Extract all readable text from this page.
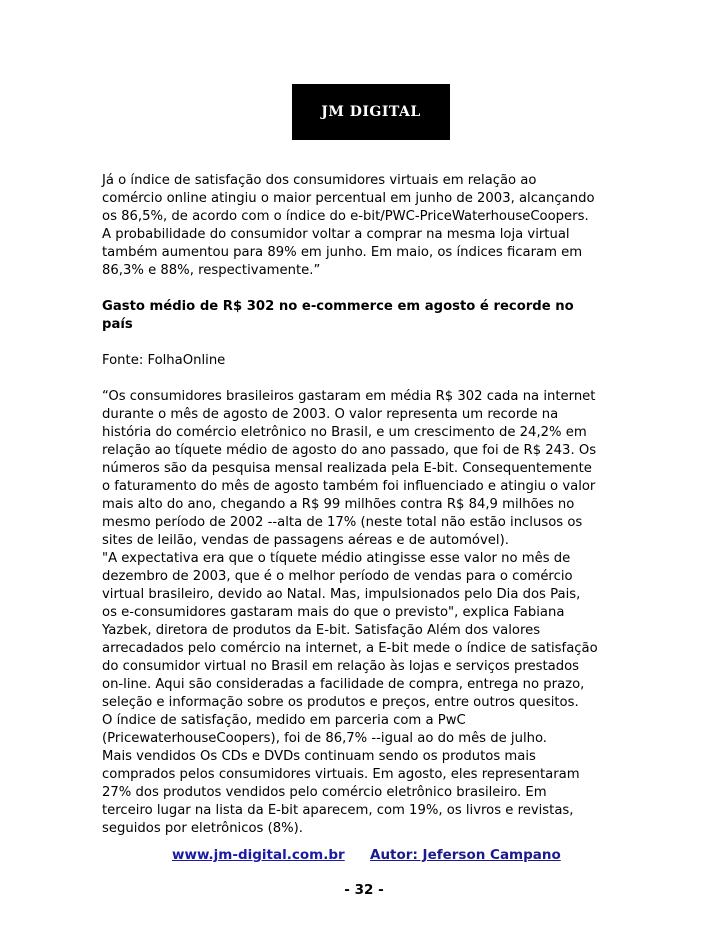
JM DIGITAL

Já o índice de satisfação dos consumidores virtuais em relação ao

comércio online atingiu o maior percentual em junho de 2003, alcançando

os 86,5%, de acordo com o índice do e-bit/PWC-PriceWaterhouseCoopers.

A probabilidade do consumidor voltar a comprar na mesma loja virtual

também aumentou para 89% em junho. Em maio, os índices ficaram em

86,3% e 88%, respectivamente.”

Gasto médio de R$ 302 no e-commerce em agosto é recorde no

país

Fonte: FolhaOnline

“Os consumidores brasileiros gastaram em média R$ 302 cada na internet

durante o mês de agosto de 2003. O valor representa um recorde na

história do comércio eletrônico no Brasil, e um crescimento de 24,2% em

relação ao tíquete médio de agosto do ano passado, que foi de R$ 243. Os

números são da pesquisa mensal realizada pela E-bit. Consequentemente

o faturamento do mês de agosto também foi influenciado e atingiu o valor

mais alto do ano, chegando a R$ 99 milhões contra R$ 84,9 milhões no

mesmo período de 2002 --alta de 17% (neste total não estão inclusos os

sites de leilão, vendas de passagens aéreas e de automóvel).

"A expectativa era que o tíquete médio atingisse esse valor no mês de

dezembro de 2003, que é o melhor período de vendas para o comércio

virtual brasileiro, devido ao Natal. Mas, impulsionados pelo Dia dos Pais,

os e-consumidores gastaram mais do que o previsto", explica Fabiana

Yazbek, diretora de produtos da E-bit. Satisfação Além dos valores

arrecadados pelo comércio na internet, a E-bit mede o índice de satisfação

do consumidor virtual no Brasil em relação às lojas e serviços prestados

on-line. Aqui são consideradas a facilidade de compra, entrega no prazo,

seleção e informação sobre os produtos e preços, entre outros quesitos.

O índice de satisfação, medido em parceria com a PwC

(PricewaterhouseCoopers), foi de 86,7% --igual ao do mês de julho.

Mais vendidos Os CDs e DVDs continuam sendo os produtos mais

comprados pelos consumidores virtuais. Em agosto, eles representaram

27% dos produtos vendidos pelo comércio eletrônico brasileiro. Em

terceiro lugar na lista da E-bit aparecem, com 19%, os livros e revistas,

seguidos por eletrônicos (8%).

www.jm-digital.com.br Autor: Jeferson Campano
- 32 -
